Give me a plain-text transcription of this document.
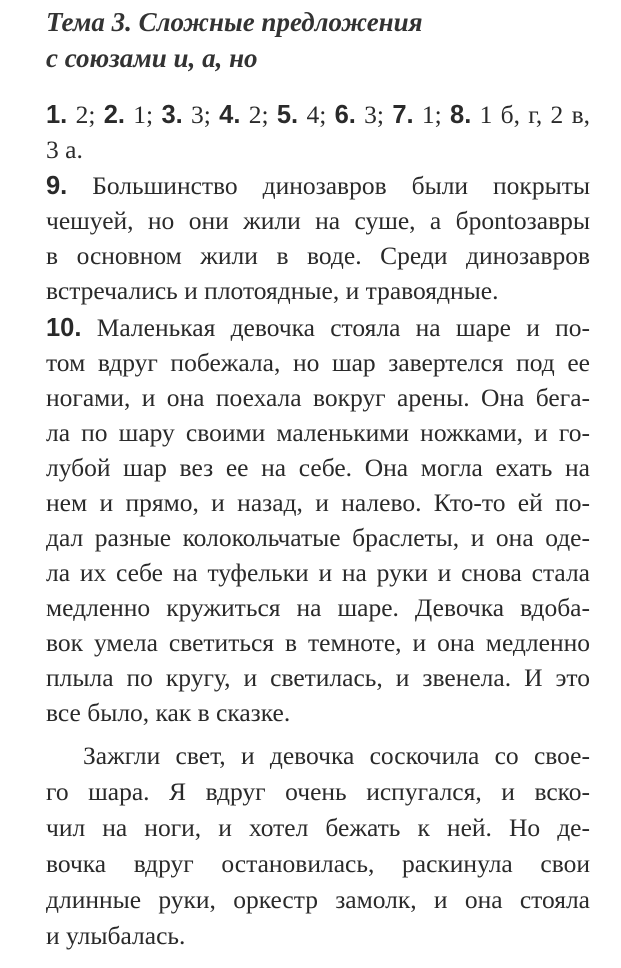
Тема 3. Сложные предложения
с союзами и, а, но
1. 2; 2. 1; 3. 3; 4. 2; 5. 4; 6. 3; 7. 1; 8. 1 б, г, 2 в,
3 а.
9. Большинство динозавров были покрыты
чешуей, но они жили на суше, а брontoзавры
в основном жили в воде. Среди динозавров
встречались и плотоядные, и травоядные.
10. Маленькая девочка стояла на шаре и по-
том вдруг побежала, но шар завертелся под ее
ногами, и она поехала вокруг арены. Она бега-
ла по шару своими маленькими ножками, и го-
лубой шар вез ее на себе. Она могла ехать на
нем и прямо, и назад, и налево. Кто-то ей по-
дал разные колокольчатые браслеты, и она оде-
ла их себе на туфельки и на руки и снова стала
медленно кружиться на шаре. Девочка вдоба-
вок умела светиться в темноте, и она медленно
плыла по кругу, и светилась, и звенела. И это
все было, как в сказке.
Зажгли свет, и девочка соскочила со свое-
го шара. Я вдруг очень испугался, и вско-
чил на ноги, и хотел бежать к ней. Но де-
вочка вдруг остановилась, раскинула свои
длинные руки, оркестр замолк, и она стояла
и улыбалась.
